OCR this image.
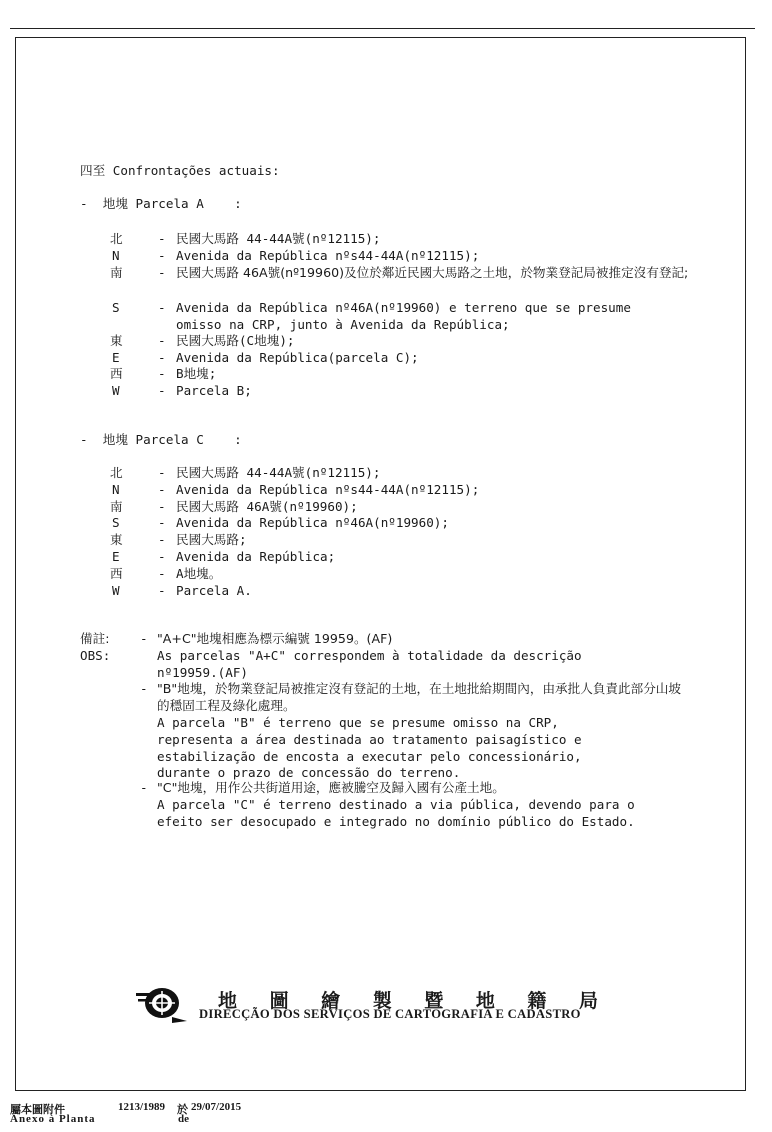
四至 Confrontações actuais:
- 地塊 Parcela A :
北	- 民國大馬路 44-44A號(nº12115);
N	- Avenida da República nºs44-44A(nº12115);
南	- 民國大馬路 46A號(nº19960)及位於鄰近民國大馬路之土地，於物業登記局被推定沒有登記;
S	- Avenida da República nº46A(nº19960) e terreno que se presume omisso na CRP, junto à Avenida da República;
東	- 民國大馬路(C地塊);
E	- Avenida da República(parcela C);
西	- B地塊;
W	- Parcela B;
- 地塊 Parcela C :
北	- 民國大馬路 44-44A號(nº12115);
N	- Avenida da República nºs44-44A(nº12115);
南	- 民國大馬路 46A號(nº19960);
S	- Avenida da República nº46A(nº19960);
東	- 民國大馬路;
E	- Avenida da República;
西	- A地塊。
W	- Parcela A.
備註:
OBS:
- "A+C"地塊相應為標示編號 19959。(AF)
As parcelas "A+C" correspondem à totalidade da descrição nº19959.(AF)
- "B"地塊，於物業登記局被推定沒有登記的土地，在土地批給期間內，由承批人負責此部分山坡的穩固工程及綠化處理。
A parcela "B" é terreno que se presume omisso na CRP, representa a área destinada ao tratamento paisagístico e estabilização de encosta a executar pelo concessionário, durante o prazo de concessão do terreno.
- "C"地塊，用作公共街道用途，應被騰空及歸入國有公產土地。
A parcela "C" é terreno destinado a via pública, devendo para o efeito ser desocupado e integrado no domínio público do Estado.
地 圖 繪 製 暨 地 籍 局
DIRECÇÃO DOS SERVIÇOS DE CARTOGRAFIA E CADASTRO
屬本圖附件
Anexo à Planta
1213/1989 於
de
29/07/2015
